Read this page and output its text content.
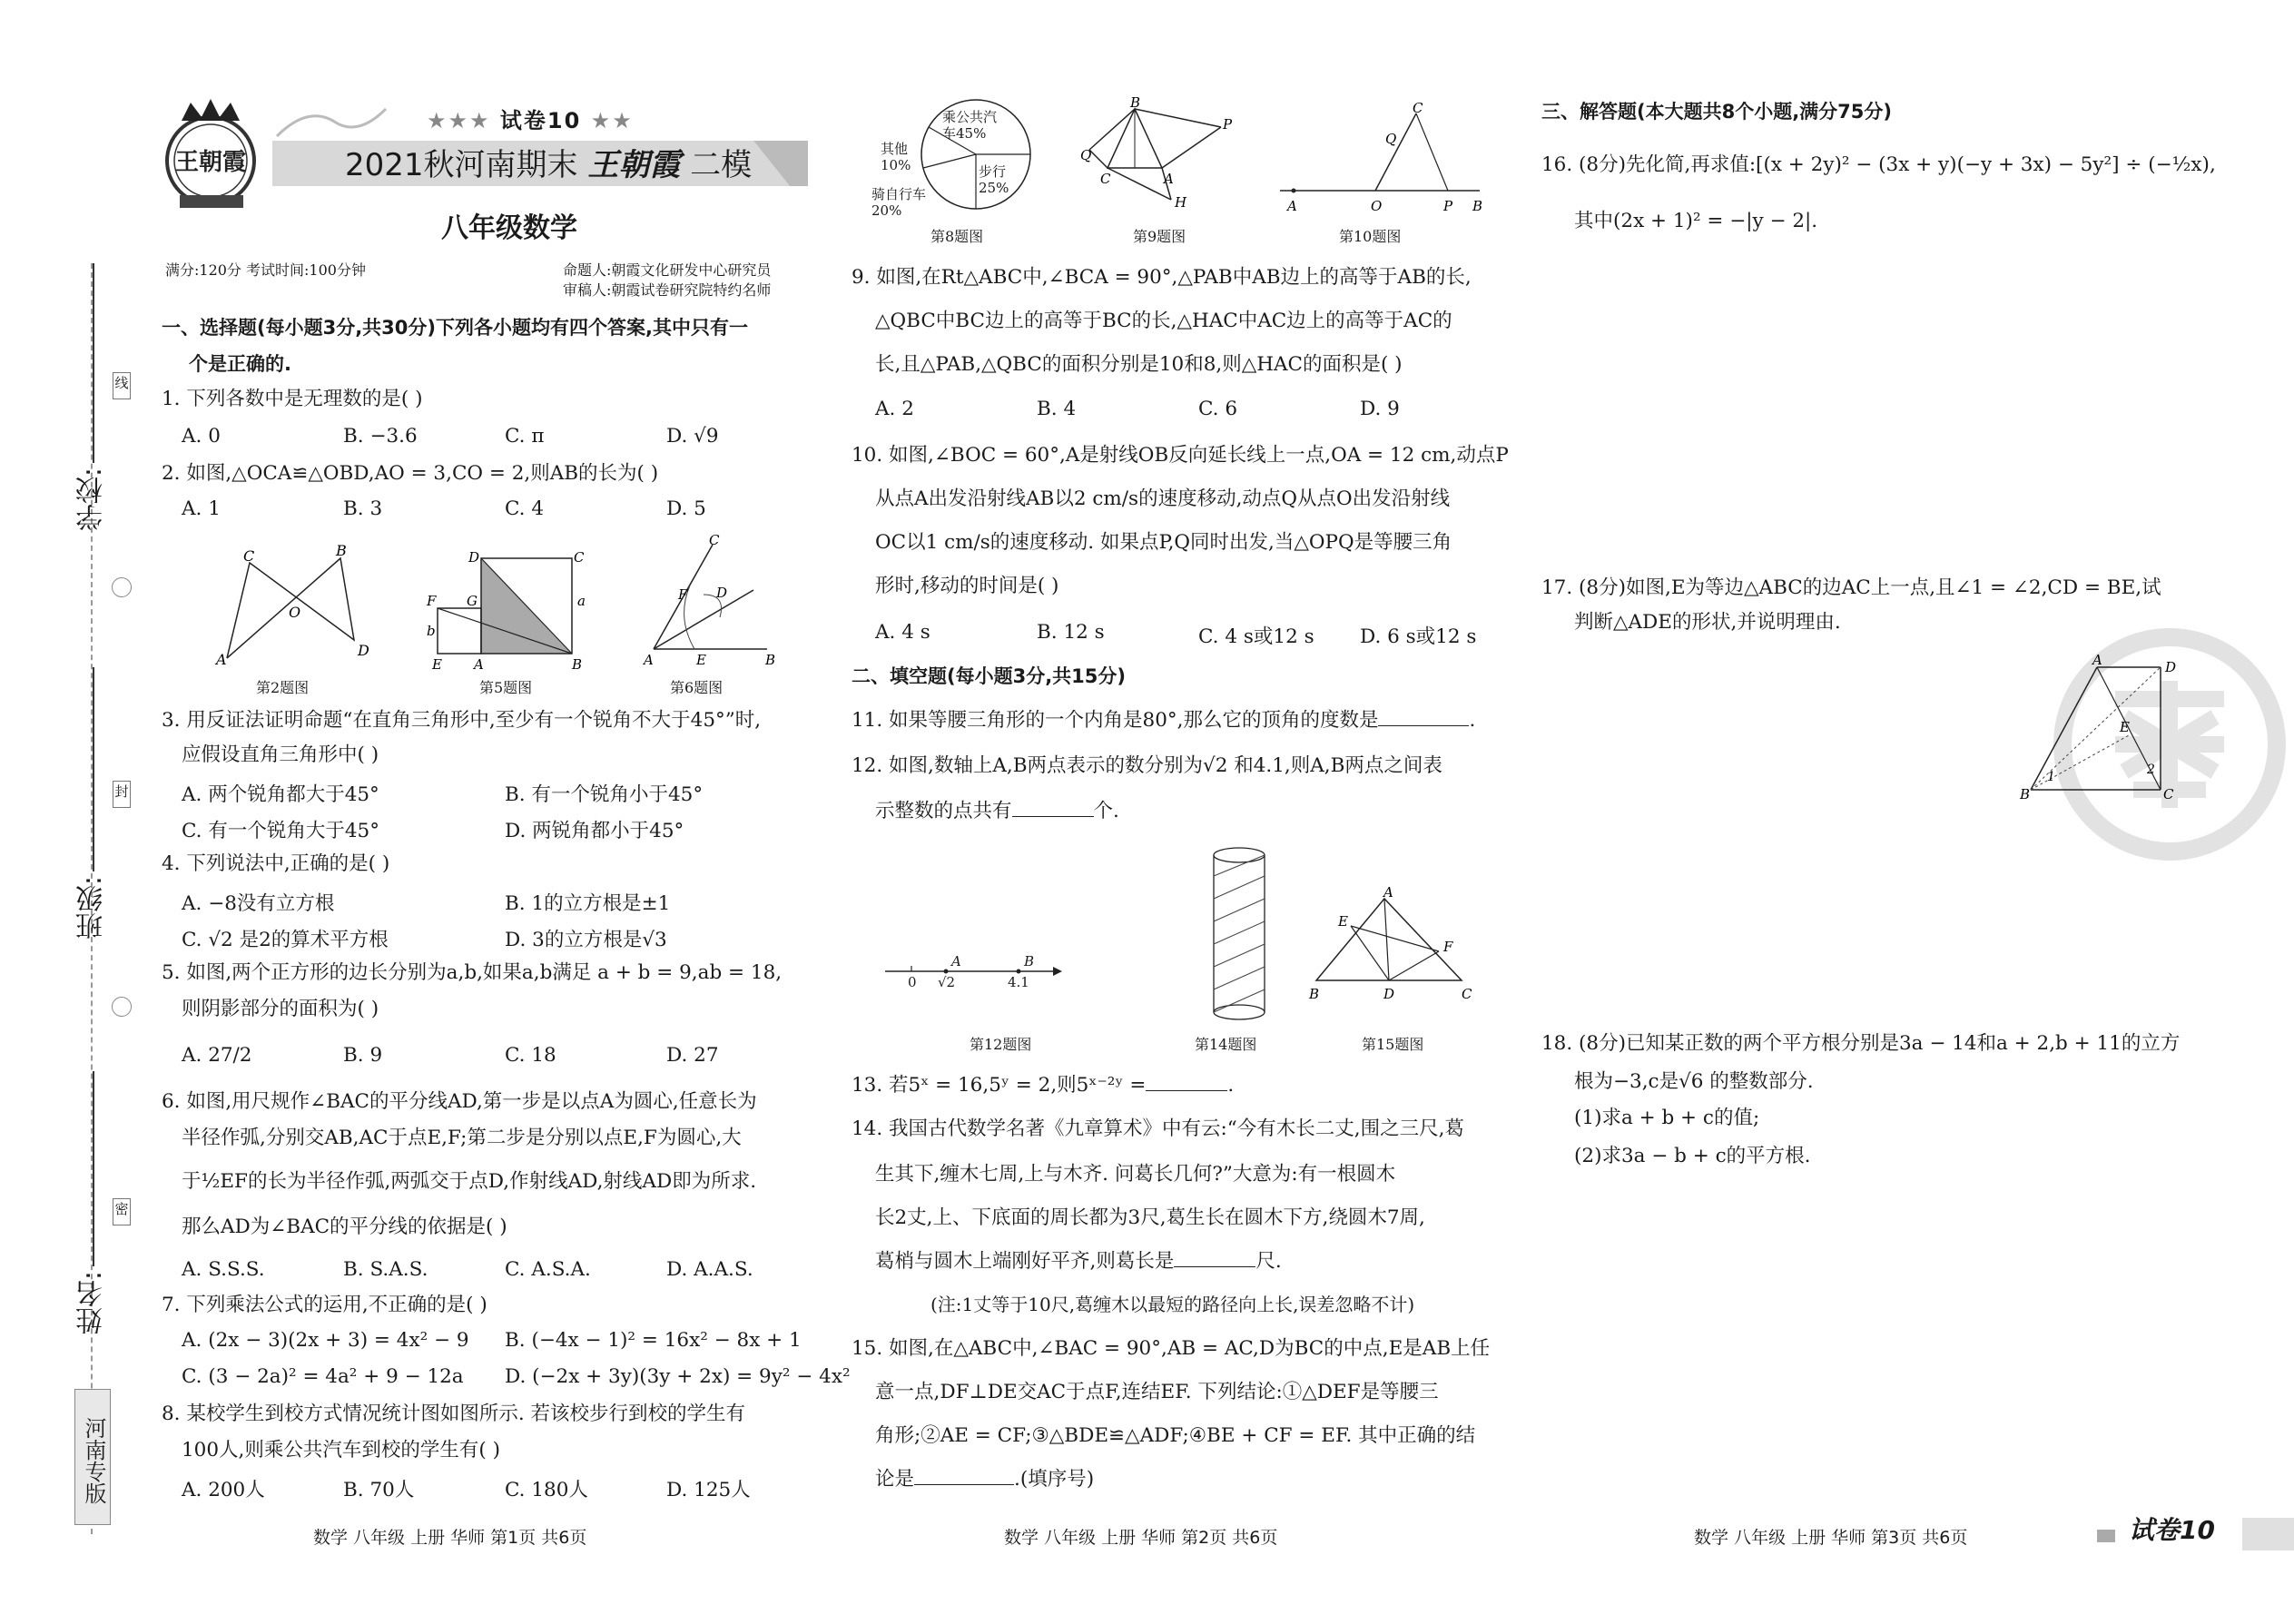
线
封
密
学校:
班级:
姓名:
河南专版
王朝霞
★★★ 试卷10 ★★
2021秋河南期末 王朝霞 二模
八年级数学
满分:120分 考试时间:100分钟	命题人:朝霞文化研发中心研究员
审稿人:朝霞试卷研究院特约名师
一、选择题(每小题3分,共30分)下列各小题均有四个答案,其中只有一
个是正确的.
1. 下列各数中是无理数的是( )
A. 0	B. −3.6	C. π	D. √9
2. 如图,△OCA≌△OBD,AO = 3,CO = 2,则AB的长为( )
A. 1	B. 3	C. 4	D. 5
C	B
O
A
D
第2题图
D	C
F G	a
b
E A	B
第5题图
C
F D
E
A	B
第6题图
3. 用反证法证明命题“在直角三角形中,至少有一个锐角不大于45°”时,
应假设直角三角形中( )
A. 两个锐角都大于45°	B. 有一个锐角小于45°
C. 有一个锐角大于45°	D. 两锐角都小于45°
4. 下列说法中,正确的是( )
A. −8没有立方根	B. 1的立方根是±1
C. √2 是2的算术平方根	D. 3的立方根是√3
5. 如图,两个正方形的边长分别为a,b,如果a,b满足 a + b = 9,ab = 18,
则阴影部分的面积为( )
A. 27/2	B. 9	C. 18	D. 27
6. 如图,用尺规作∠BAC的平分线AD,第一步是以点A为圆心,任意长为
半径作弧,分别交AB,AC于点E,F;第二步是分别以点E,F为圆心,大
于½EF的长为半径作弧,两弧交于点D,作射线AD,射线AD即为所求.
那么AD为∠BAC的平分线的依据是( )
A. S.S.S.	B. S.A.S.	C. A.S.A.	D. A.A.S.
7. 下列乘法公式的运用,不正确的是( )
A. (2x − 3)(2x + 3) = 4x² − 9 B. (−4x − 1)² = 16x² − 8x + 1
C. (3 − 2a)² = 4a² + 9 − 12a D. (−2x + 3y)(3y + 2x) = 9y² − 4x²
8. 某校学生到校方式情况统计图如图所示. 若该校步行到校的学生有
100人,则乘公共汽车到校的学生有( )
A. 200人	B. 70人	C. 180人	D. 125人
数学 八年级 上册 华师 第1页 共6页
乘公共汽车45%
步行25%
其他10%
骑自行车20%
第8题图
B
P
Q
C	A
H
第9题图
Q
C
A	O	P B
第10题图
9. 如图,在Rt△ABC中,∠BCA = 90°,△PAB中AB边上的高等于AB的长,
△QBC中BC边上的高等于BC的长,△HAC中AC边上的高等于AC的
长,且△PAB,△QBC的面积分别是10和8,则△HAC的面积是( )
A. 2	B. 4	C. 6	D. 9
10. 如图,∠BOC = 60°,A是射线OB反向延长线上一点,OA = 12 cm,动点P
从点A出发沿射线AB以2 cm/s的速度移动,动点Q从点O出发沿射线
OC以1 cm/s的速度移动. 如果点P,Q同时出发,当△OPQ是等腰三角
形时,移动的时间是( )
A. 4 s	B. 12 s	C. 4 s或12 s D. 6 s或12 s
二、填空题(每小题3分,共15分)
11. 如果等腰三角形的一个内角是80°,那么它的顶角的度数是	.
12. 如图,数轴上A,B两点表示的数分别为√2 和4.1,则A,B两点之间表
示整数的点共有	个.
0 √2	4.1
A	B
第12题图	第14题图
A
E
F
B	D	C
第15题图
13. 若5ˣ = 16,5ʸ = 2,则5ˣ⁻²ʸ =	.
14. 我国古代数学名著《九章算术》中有云:“今有木长二丈,围之三尺,葛
生其下,缠木七周,上与木齐. 问葛长几何?”大意为:有一根圆木
长2丈,上、下底面的周长都为3尺,葛生长在圆木下方,绕圆木7周,
葛梢与圆木上端刚好平齐,则葛长是	尺.
(注:1丈等于10尺,葛缠木以最短的路径向上长,误差忽略不计)
15. 如图,在△ABC中,∠BAC = 90°,AB = AC,D为BC的中点,E是AB上任
意一点,DF⊥DE交AC于点F,连结EF. 下列结论:①△DEF是等腰三
角形;②AE = CF;③△BDE≌△ADF;④BE + CF = EF. 其中正确的结
论是	.(填序号)
数学 八年级 上册 华师 第2页 共6页
三、解答题(本大题共8个小题,满分75分)
16. (8分)先化简,再求值:[(x + 2y)² − (3x + y)(−y + 3x) − 5y²] ÷ (−½x),
其中(2x + 1)² = −|y − 2|.
17. (8分)如图,E为等边△ABC的边AC上一点,且∠1 = ∠2,CD = BE,试
判断△ADE的形状,并说明理由.
A	D
E
1	2
B	C
18. (8分)已知某正数的两个平方根分别是3a − 14和a + 2,b + 11的立方
根为−3,c是√6 的整数部分.
(1)求a + b + c的值;
(2)求3a − b + c的平方根.
数学 八年级 上册 华师 第3页 共6页	试卷10
